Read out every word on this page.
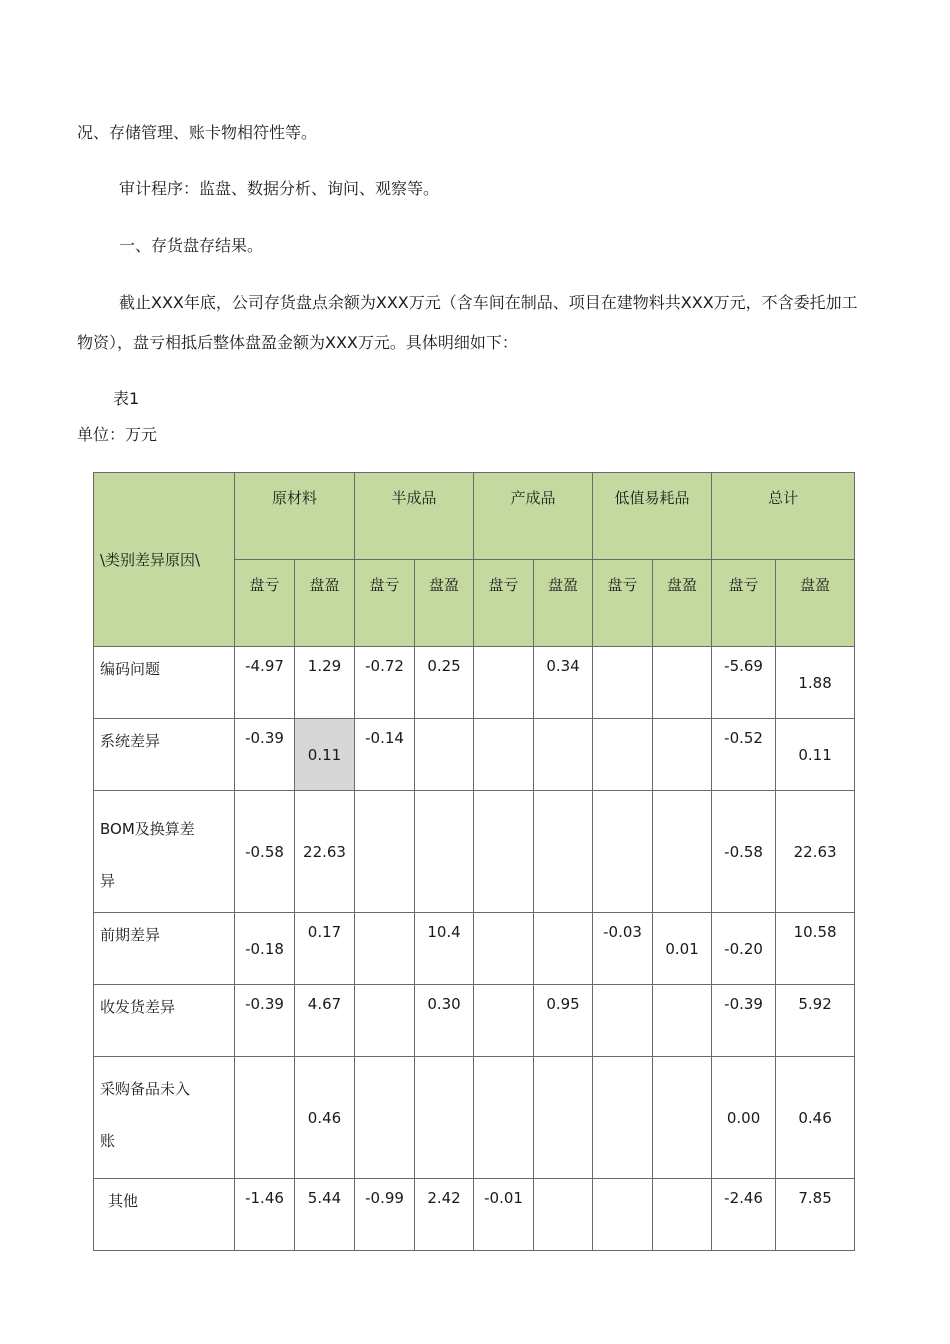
况、存储管理、账卡物相符性等。

审计程序：监盘、数据分析、询问、观察等。

一、存货盘存结果。

截止XXX年底，公司存货盘点余额为XXX万元（含车间在制品、项目在建物料共XXX万元，不含委托加工物资），盘亏相抵后整体盘盈金额为XXX万元。具体明细如下：

表1

单位：万元

\类别差异原因\	原材料		半成品		产成品		低值易耗品		总计	
	盘亏	盘盈	盘亏	盘盈	盘亏	盘盈	盘亏	盘盈	盘亏	盘盈
编码问题	-4.97	1.29	-0.72	0.25		0.34			-5.69	1.88

系统差异	-0.39	0.11	-0.14						-0.52	0.11

BOM及换算差
异	-0.58	22.63							-0.58	22.63

前期差异	-0.18	0.17		10.4			-0.03	0.01	-0.20	10.58

收发货差异	-0.39	4.67		0.30		0.95			-0.39	5.92

采购备品未入
账		0.46							0.00	0.46

其他	-1.46	5.44	-0.99	2.42	-0.01				-2.46	7.85
